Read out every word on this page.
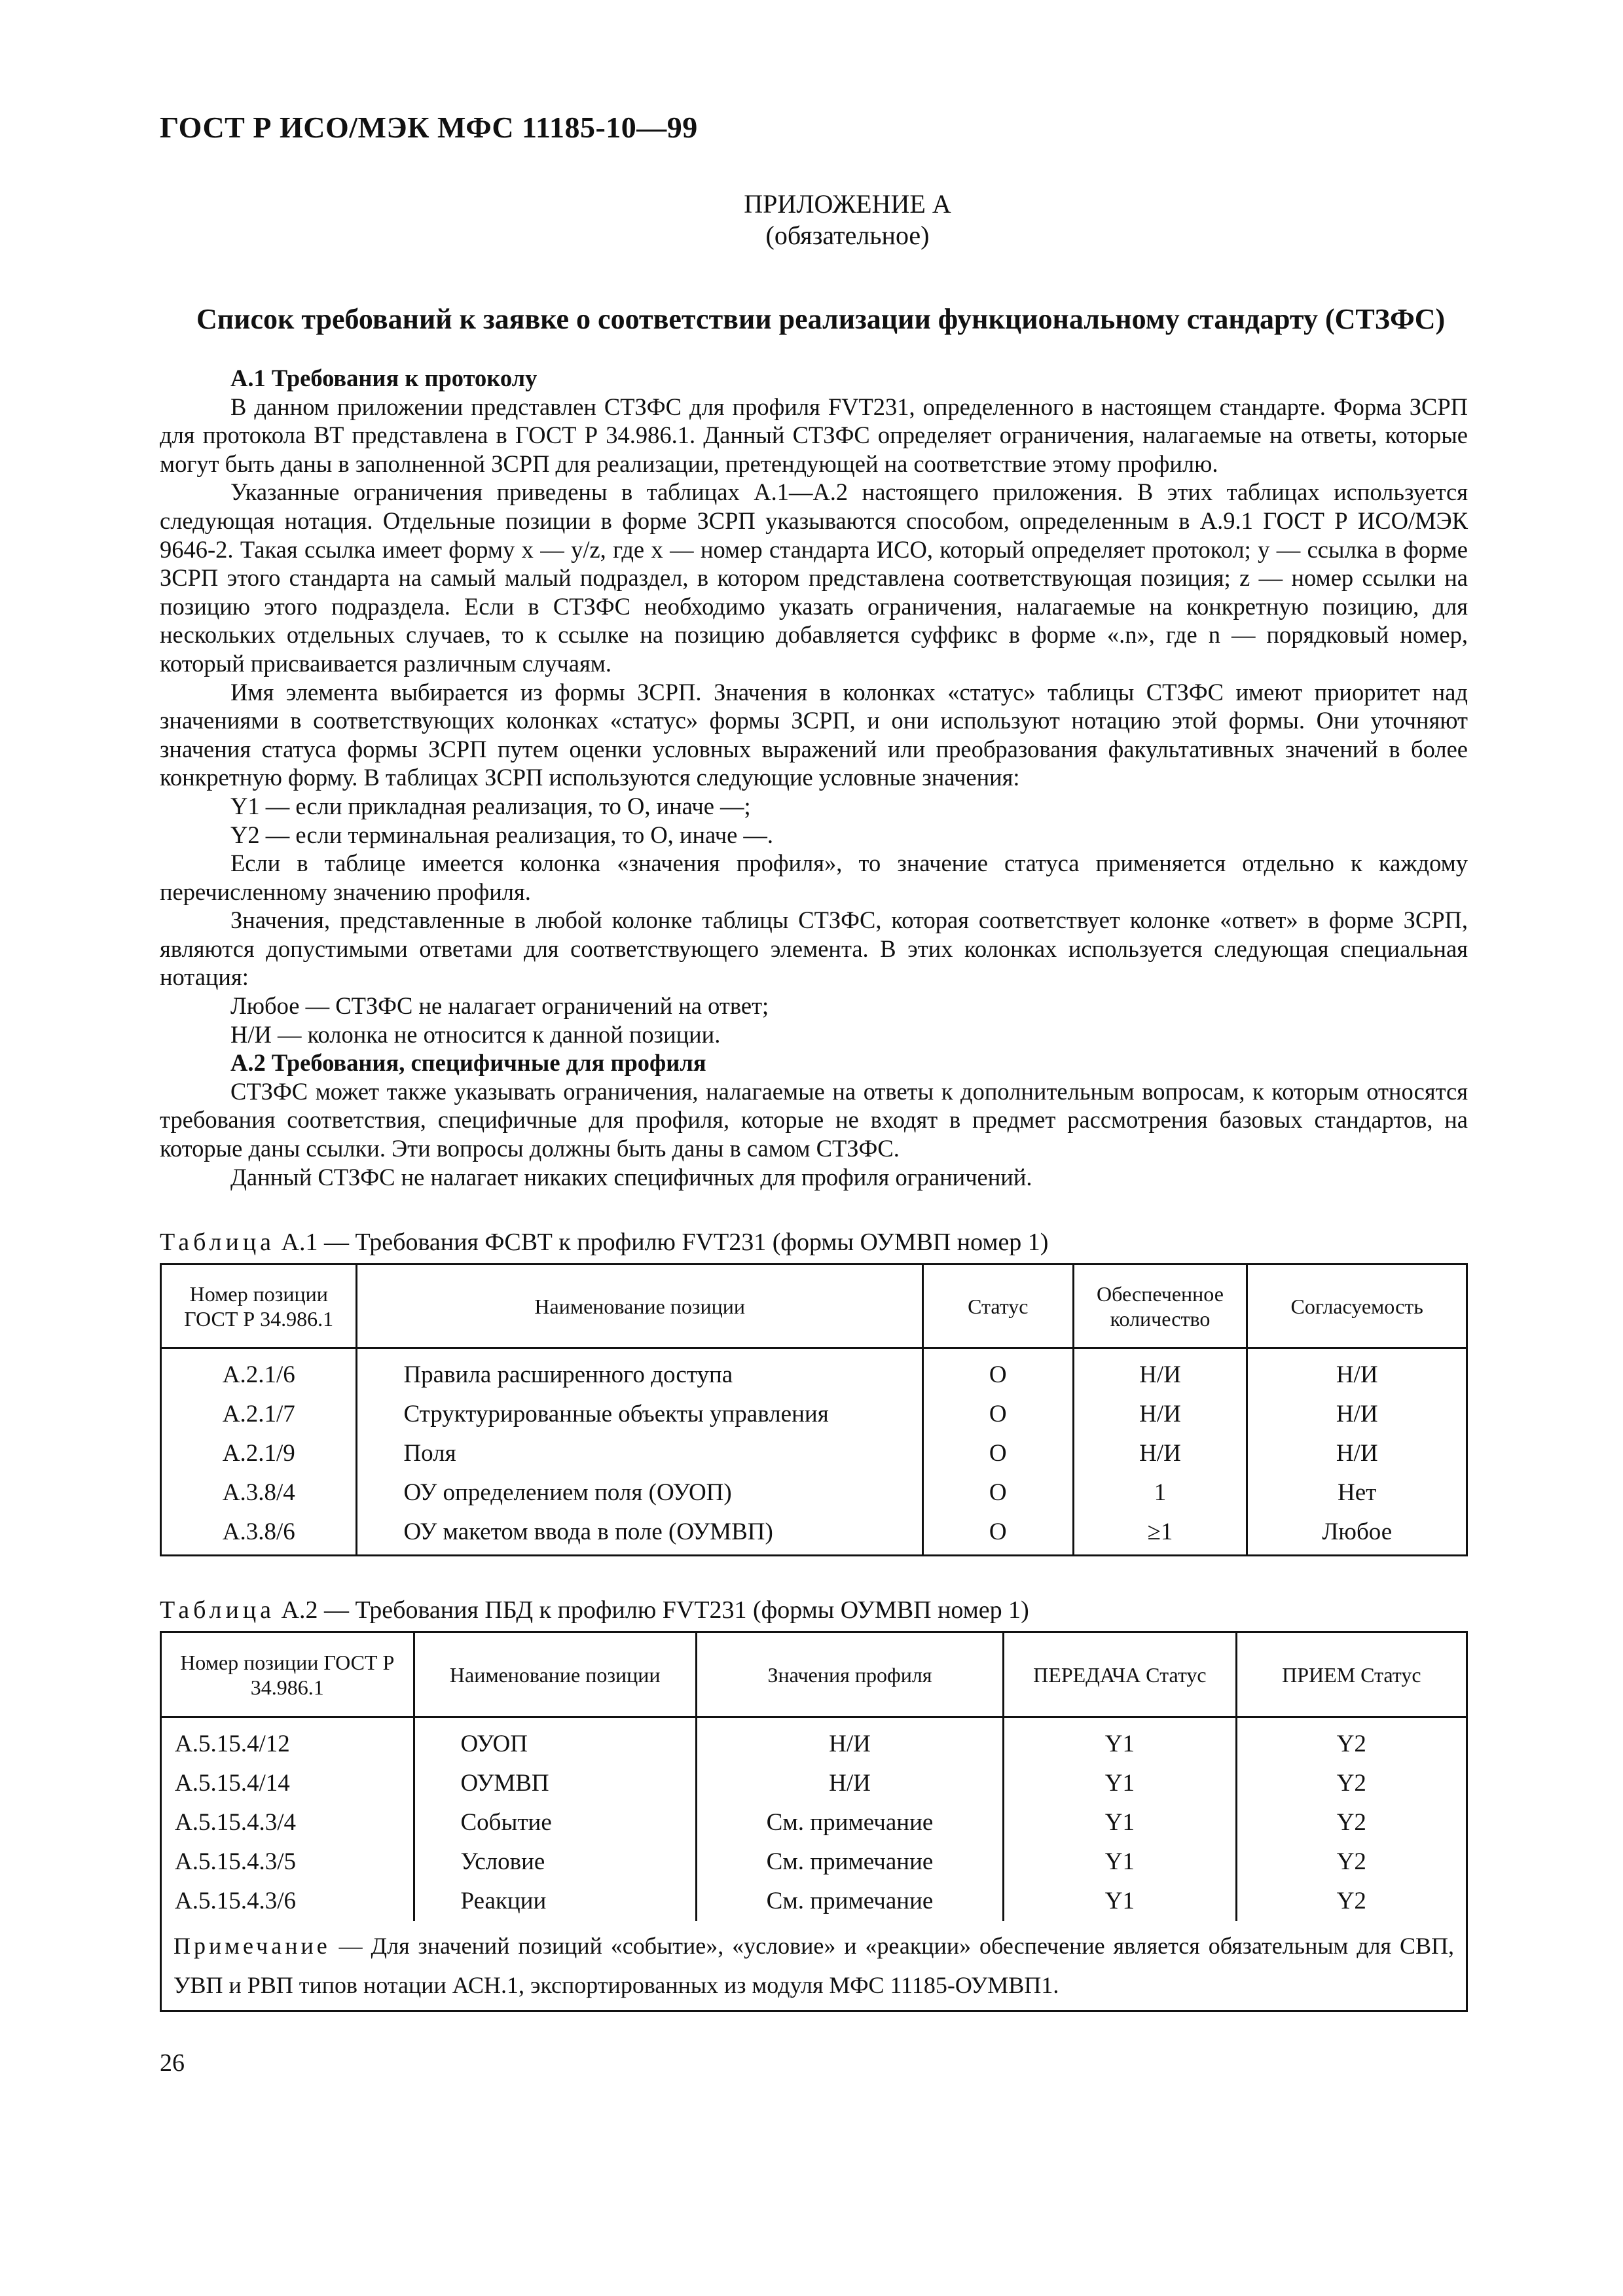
ГОСТ Р ИСО/МЭК МФС 11185-10—99
ПРИЛОЖЕНИЕ А
(обязательное)
Список требований к заявке о соответствии реализации функциональному стандарту (СТЗФС)
А.1 Требования к протоколу

В данном приложении представлен СТЗФС для профиля FVT231, определенного в настоящем стандарте. Форма ЗСРП для протокола ВТ представлена в ГОСТ Р 34.986.1. Данный СТЗФС определяет ограничения, налагаемые на ответы, которые могут быть даны в заполненной ЗСРП для реализации, претендующей на соответствие этому профилю.

Указанные ограничения приведены в таблицах А.1—А.2 настоящего приложения. В этих таблицах используется следующая нотация. Отдельные позиции в форме ЗСРП указываются способом, определенным в А.9.1 ГОСТ Р ИСО/МЭК 9646-2. Такая ссылка имеет форму x — y/z, где x — номер стандарта ИСО, который определяет протокол; y — ссылка в форме ЗСРП этого стандарта на самый малый подраздел, в котором представлена соответствующая позиция; z — номер ссылки на позицию этого подраздела. Если в СТЗФС необходимо указать ограничения, налагаемые на конкретную позицию, для нескольких отдельных случаев, то к ссылке на позицию добавляется суффикс в форме «.n», где n — порядковый номер, который присваивается различным случаям.

Имя элемента выбирается из формы ЗСРП. Значения в колонках «статус» таблицы СТЗФС имеют приоритет над значениями в соответствующих колонках «статус» формы ЗСРП, и они используют нотацию этой формы. Они уточняют значения статуса формы ЗСРП путем оценки условных выражений или преобразования факультативных значений в более конкретную форму. В таблицах ЗСРП используются следующие условные значения:

Y1 — если прикладная реализация, то О, иначе —;

Y2 — если терминальная реализация, то О, иначе —.

Если в таблице имеется колонка «значения профиля», то значение статуса применяется отдельно к каждому перечисленному значению профиля.

Значения, представленные в любой колонке таблицы СТЗФС, которая соответствует колонке «ответ» в форме ЗСРП, являются допустимыми ответами для соответствующего элемента. В этих колонках используется следующая специальная нотация:

Любое — СТЗФС не налагает ограничений на ответ;

Н/И — колонка не относится к данной позиции.

А.2 Требования, специфичные для профиля

СТЗФС может также указывать ограничения, налагаемые на ответы к дополнительным вопросам, к которым относятся требования соответствия, специфичные для профиля, которые не входят в предмет рассмотрения базовых стандартов, на которые даны ссылки. Эти вопросы должны быть даны в самом СТЗФС.

Данный СТЗФС не налагает никаких специфичных для профиля ограничений.

Таблица А.1 — Требования ФСВТ к профилю FVT231 (формы ОУМВП номер 1)
Номер позиции ГОСТ Р 34.986.1	Наименование позиции	Статус	Обеспеченное количество	Согласуемость
А.2.1/6	Правила расширенного доступа	О	Н/И	Н/И
А.2.1/7	Структурированные объекты управления	О	Н/И	Н/И
А.2.1/9	Поля	О	Н/И	Н/И
А.3.8/4	ОУ определением поля (ОУОП)	О	1	Нет
А.3.8/6	ОУ макетом ввода в поле (ОУМВП)	О	≥1	Любое
Таблица А.2 — Требования ПБД к профилю FVT231 (формы ОУМВП номер 1)
Номер позиции ГОСТ Р 34.986.1	Наименование позиции	Значения профиля	ПЕРЕДАЧА Статус	ПРИЕМ Статус
А.5.15.4/12	ОУОП	Н/И	Y1	Y2
А.5.15.4/14	ОУМВП	Н/И	Y1	Y2
А.5.15.4.3/4	Событие	См. примечание	Y1	Y2
А.5.15.4.3/5	Условие	См. примечание	Y1	Y2
А.5.15.4.3/6	Реакции	См. примечание	Y1	Y2
Примечание — Для значений позиций «событие», «условие» и «реакции» обеспечение является обязательным для СВП, УВП и РВП типов нотации АСН.1, экспортированных из модуля МФС 11185-ОУМВП1.				
26
